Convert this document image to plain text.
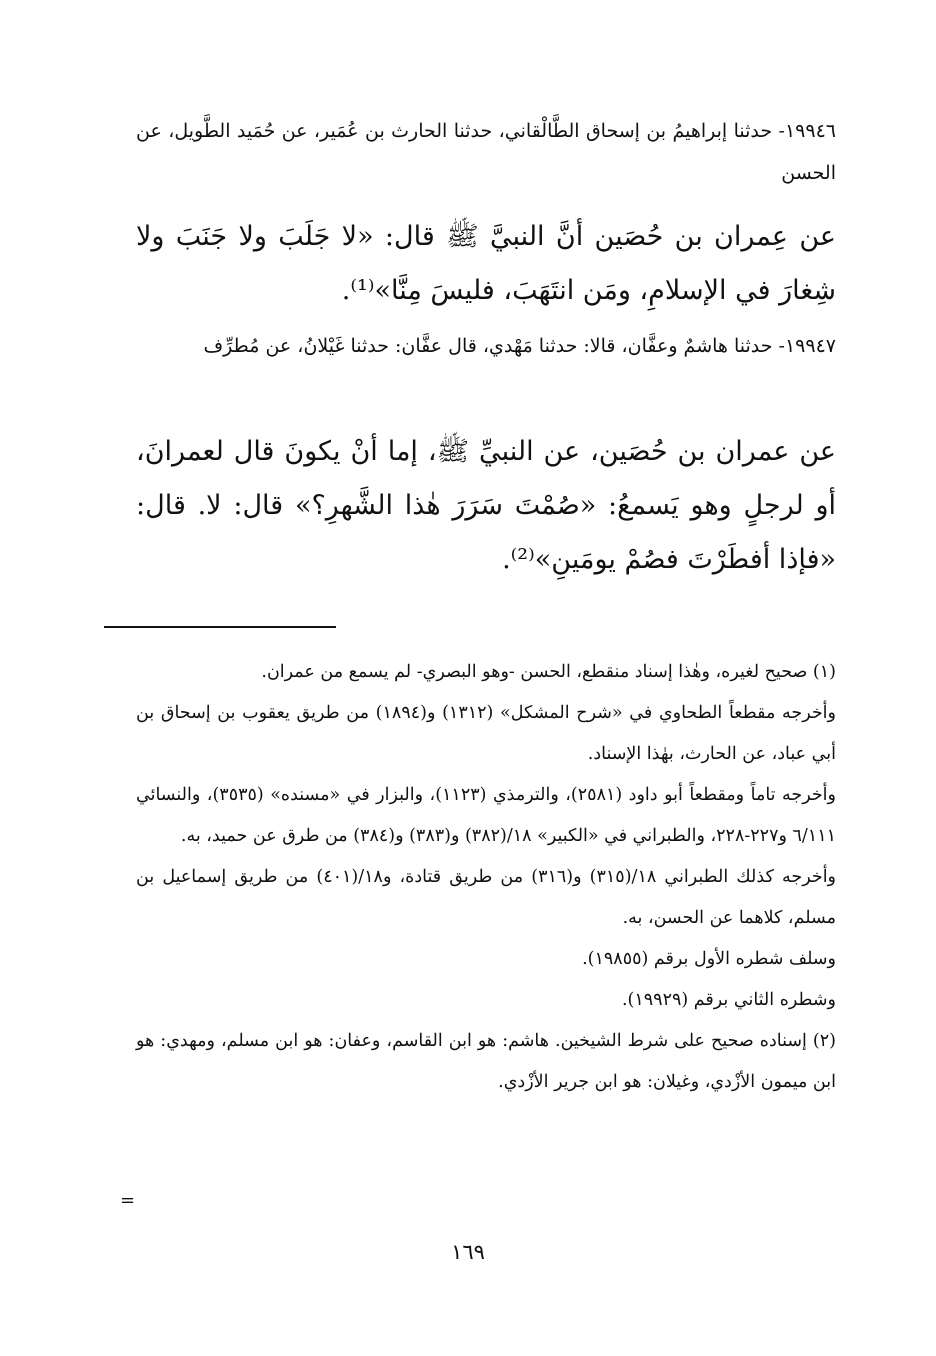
١٩٩٤٦- حدثنا إبراهيمُ بن إسحاق الطَّالْقاني، حدثنا الحارث بن عُمَير، عن حُمَيد الطَّويل، عن الحسن
عن عِمران بن حُصَين أنَّ النبيَّ ﷺ قال: «لا جَلَبَ ولا جَنَبَ ولا شِغارَ في الإسلامِ، ومَن انتَهَبَ، فليسَ مِنَّا»⁽¹⁾.
١٩٩٤٧- حدثنا هاشمٌ وعفَّان، قالا: حدثنا مَهْدي، قال عفَّان: حدثنا غَيْلانُ، عن مُطرِّف
عن عمران بن حُصَين، عن النبيِّ ﷺ، إما أنْ يكونَ قال لعمرانَ، أو لرجلٍ وهو يَسمعُ: «صُمْتَ سَرَرَ هٰذا الشَّهرِ؟» قال: لا. قال: «فإذا أفطَرْتَ فصُمْ يومَينِ»⁽²⁾.

(١) صحيح لغيره، وهٰذا إسناد منقطع، الحسن -وهو البصري- لم يسمع من عمران.

وأخرجه مقطعاً الطحاوي في «شرح المشكل» (١٣١٢) و(١٨٩٤) من طريق يعقوب بن إسحاق بن أبي عباد، عن الحارث، بهٰذا الإسناد.

وأخرجه تاماً ومقطعاً أبو داود (٢٥٨١)، والترمذي (١١٢٣)، والبزار في «مسنده» (٣٥٣٥)، والنسائي ٦/١١١ و٢٢٧-٢٢٨، والطبراني في «الكبير» ١٨/(٣٨٢) و(٣٨٣) و(٣٨٤) من طرق عن حميد، به.

وأخرجه كذلك الطبراني ١٨/(٣١٥) و(٣١٦) من طريق قتادة، و١٨/(٤٠١) من طريق إسماعيل بن مسلم، كلاهما عن الحسن، به.

وسلف شطره الأول برقم (١٩٨٥٥).

وشطره الثاني برقم (١٩٩٢٩).

(٢) إسناده صحيح على شرط الشيخين. هاشم: هو ابن القاسم، وعفان: هو ابن مسلم، ومهدي: هو ابن ميمون الأزْدي، وغيلان: هو ابن جرير الأزْدي.

=
١٦٩
